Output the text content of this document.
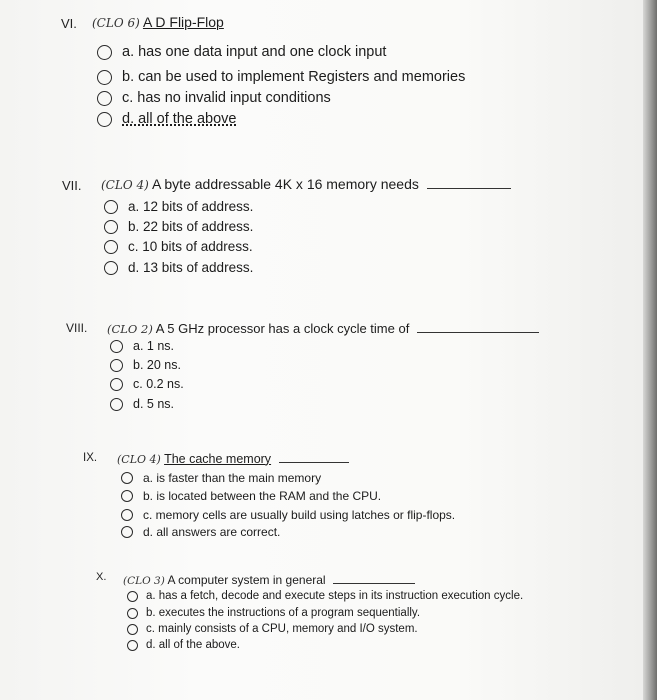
VI. (CLO 6) A D Flip-Flop
a. has one data input and one clock input
b. can be used to implement Registers and memories
c. has no invalid input conditions
d. all of the above
VII. (CLO 4) A byte addressable 4K x 16 memory needs
a. 12 bits of address.
b. 22 bits of address.
c. 10 bits of address.
d. 13 bits of address.
VIII. (CLO 2) A 5 GHz processor has a clock cycle time of
a. 1 ns.
b. 20 ns.
c. 0.2 ns.
d. 5 ns.
IX. (CLO 4) The cache memory
a. is faster than the main memory
b. is located between the RAM and the CPU.
c. memory cells are usually build using latches or flip-flops.
d. all answers are correct.
X. (CLO 3) A computer system in general
a. has a fetch, decode and execute steps in its instruction execution cycle.
b. executes the instructions of a program sequentially.
c. mainly consists of a CPU, memory and I/O system.
d. all of the above.
